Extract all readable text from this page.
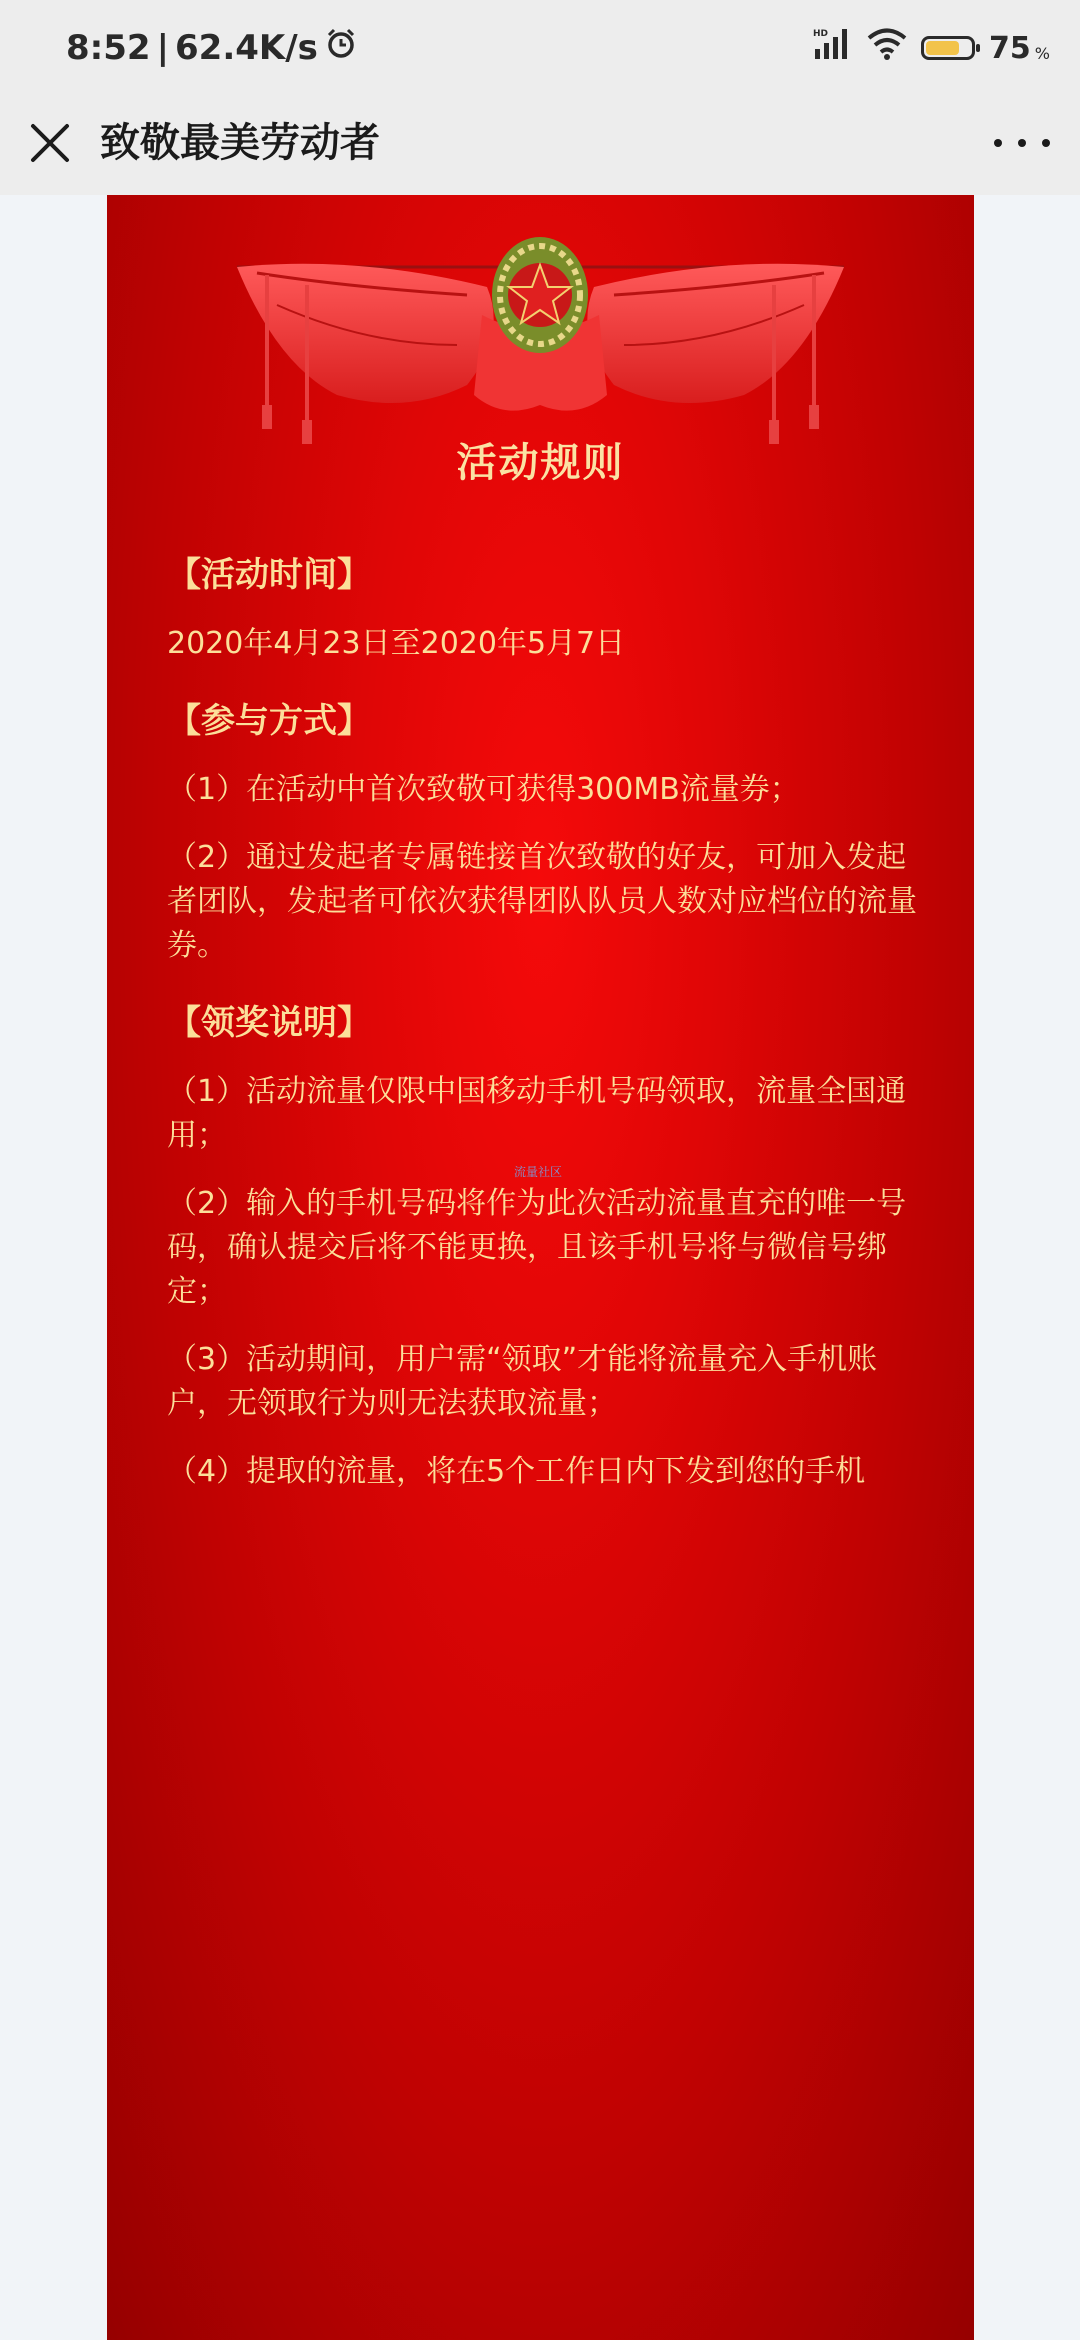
8:52 | 62.4K/s	HD	75 %
致敬最美劳动者
活动规则
【活动时间】
2020年4月23日至2020年5月7日
【参与方式】
（1）在活动中首次致敬可获得300MB流量券；
（2）通过发起者专属链接首次致敬的好友，可加入发起者团队，发起者可依次获得团队队员人数对应档位的流量券。
【领奖说明】
（1）活动流量仅限中国移动手机号码领取，流量全国通用；
（2）输入的手机号码将作为此次活动流量直充的唯一号码，确认提交后将不能更换，且该手机号将与微信号绑定；
（3）活动期间，用户需“领取”才能将流量充入手机账户，无领取行为则无法获取流量；
（4）提取的流量，将在5个工作日内下发到您的手机
流量社区
